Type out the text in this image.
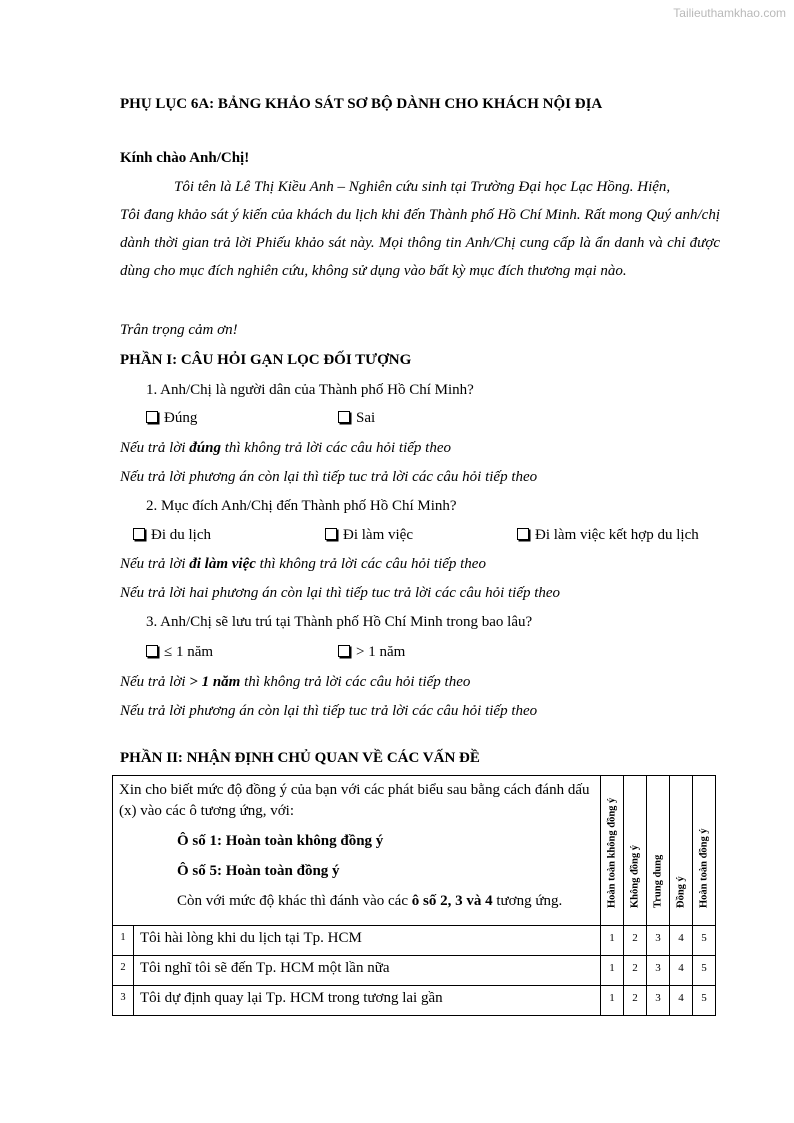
Tailieuthamkhao.com
PHỤ LỤC 6A: BẢNG KHẢO SÁT SƠ BỘ DÀNH CHO KHÁCH NỘI ĐỊA
Kính chào Anh/Chị!
Tôi tên là Lê Thị Kiều Anh – Nghiên cứu sinh tại Trường Đại học Lạc Hồng. Hiện,
Tôi đang khảo sát ý kiến của khách du lịch khi đến Thành phố Hồ Chí Minh. Rất mong Quý anh/chị dành thời gian trả lời Phiếu khảo sát này. Mọi thông tin Anh/Chị cung cấp là ẩn danh và chỉ được dùng cho mục đích nghiên cứu, không sử dụng vào bất kỳ mục đích thương mại nào.
Trân trọng cảm ơn!
PHẦN I: CÂU HỎI GẠN LỌC ĐỐI TƯỢNG
1. Anh/Chị là người dân của Thành phố Hồ Chí Minh?
Đúng	Sai
Nếu trả lời đúng thì không trả lời các câu hỏi tiếp theo
Nếu trả lời phương án còn lại thì tiếp tuc trả lời các câu hỏi tiếp theo
2. Mục đích Anh/Chị đến Thành phố Hồ Chí Minh?
Đi du lịch	Đi làm việc	Đi làm việc kết hợp du lịch
Nếu trả lời đi làm việc thì không trả lời các câu hỏi tiếp theo
Nếu trả lời hai phương án còn lại thì tiếp tuc trả lời các câu hỏi tiếp theo
3. Anh/Chị sẽ lưu trú tại Thành phố Hồ Chí Minh trong bao lâu?
≤ 1 năm	> 1 năm
Nếu trả lời > 1 năm thì không trả lời các câu hỏi tiếp theo
Nếu trả lời phương án còn lại thì tiếp tuc trả lời các câu hỏi tiếp theo
PHẦN II: NHẬN ĐỊNH CHỦ QUAN VỀ CÁC VẤN ĐỀ
Xin cho biết mức độ đồng ý của bạn với các phát biểu sau bằng cách đánh dấu (x) vào các ô tương ứng, với:
Ô số 1: Hoàn toàn không đồng ý
Ô số 5: Hoàn toàn đồng ý
Còn với mức độ khác thì đánh vào các ô số 2, 3 và 4 tương ứng.		Hoàn toàn không đồng ý	Không đồng ý	Trung dung	Đồng ý	Hoàn toàn đồng ý

1	Tôi hài lòng khi du lịch tại Tp. HCM	1	2	3	4	5
2	Tôi nghĩ tôi sẽ đến Tp. HCM một lần nữa	1	2	3	4	5
3	Tôi dự định quay lại Tp. HCM trong tương lai gần	1	2	3	4	5
